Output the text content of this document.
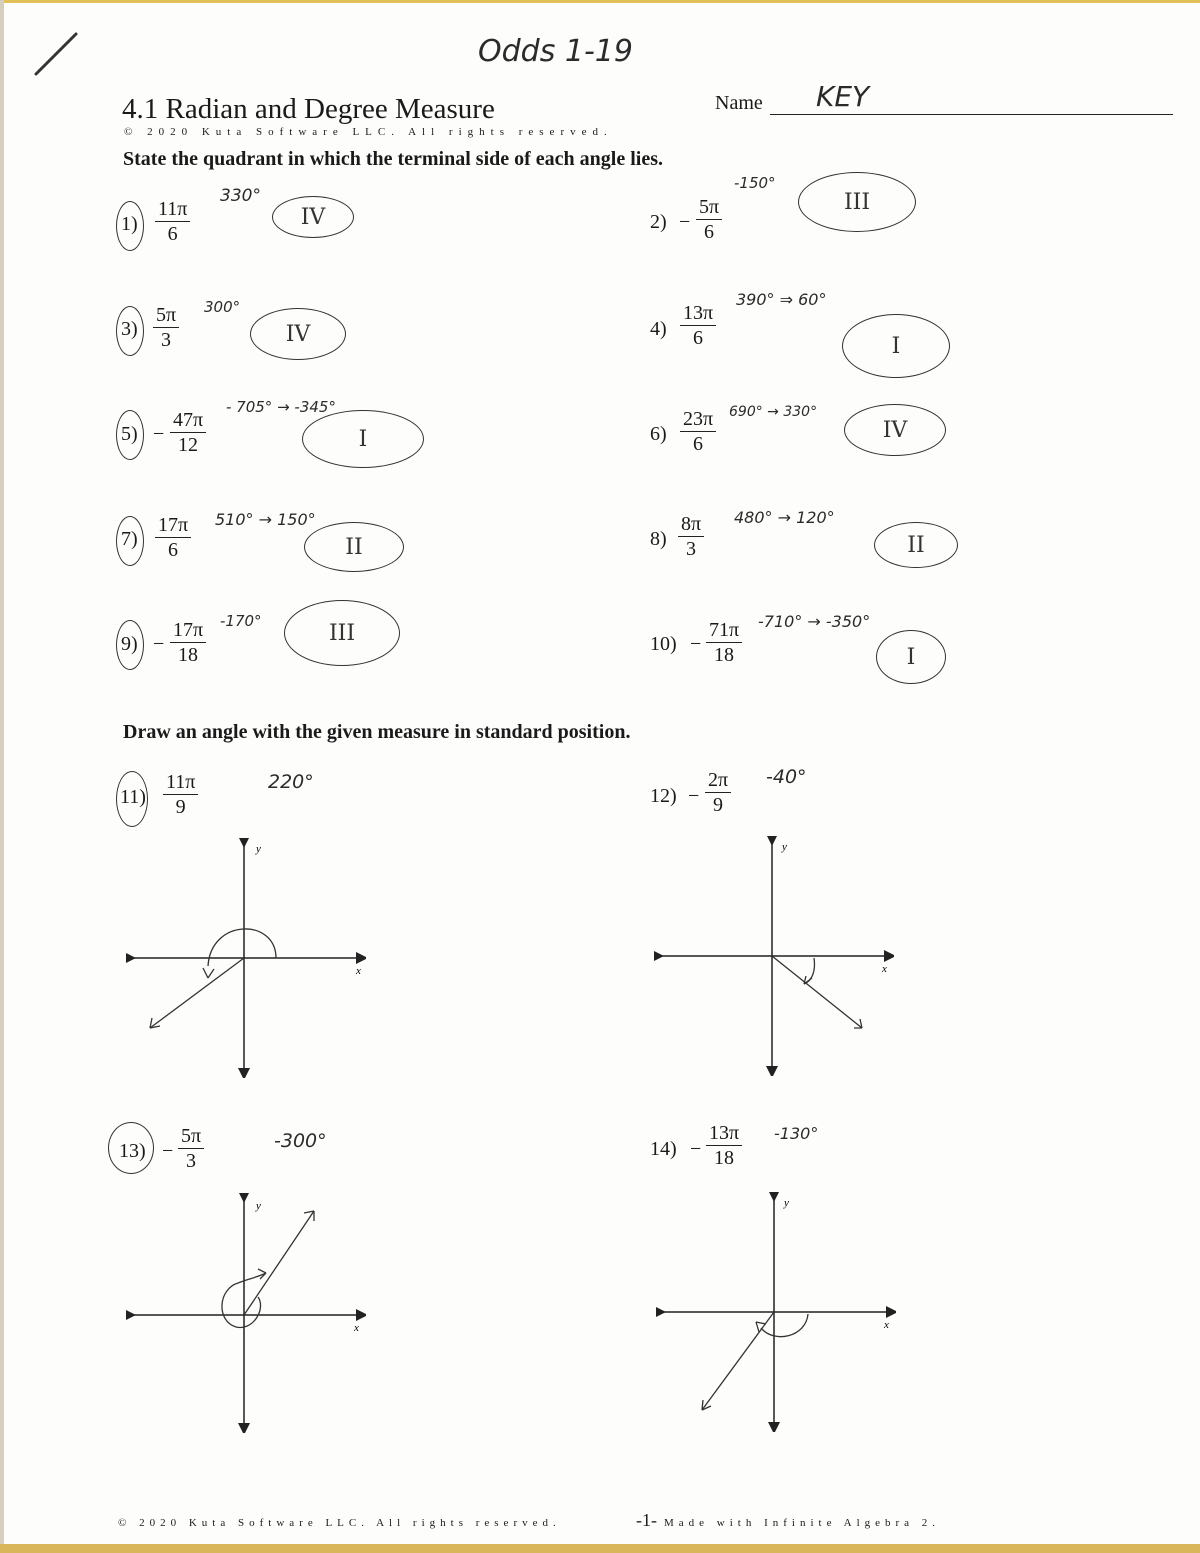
Odds 1-19
4.1 Radian and Degree Measure	Name KEY
© 2020 Kuta Software LLC. All rights reserved.
State the quadrant in which the terminal side of each angle lies.
$1) \frac{11\pi}{6}$
330°
IV	$2) - \frac{5\pi}{6}$
-150°
III
$3) \frac{5\pi}{3} 300^\circ$
IV	$4) \frac{13\pi}{6}$
390° ⇒ 60°
I
$5) - \frac{47\pi}{12}$
- 705° → -345°
I	$6) \frac{23\pi}{6} 690^\circ \to 330^\circ$
IV
$7) \frac{17\pi}{6} 510^\circ \to 150^\circ$
II	$8) \frac{8\pi}{3} 480^\circ \to 120^\circ$
II
$9) - \frac{17\pi}{18} -170^\circ$	III	$10) - \frac{71\pi}{18} -710^\circ \to -350^\circ$
I
Draw an angle with the given measure in standard position.
$11) \frac{11\pi}{9}$	220°
$12) - \frac{2\pi}{9} -40^\circ$
y
x
y
x
$13) - \frac{5\pi}{3}$	-300°	$14) - \frac{13\pi}{18} -130^\circ$
y
x
y
x
© 2020 Kuta Software LLC. All rights reserved.	-1- Made with Infinite Algebra 2.
